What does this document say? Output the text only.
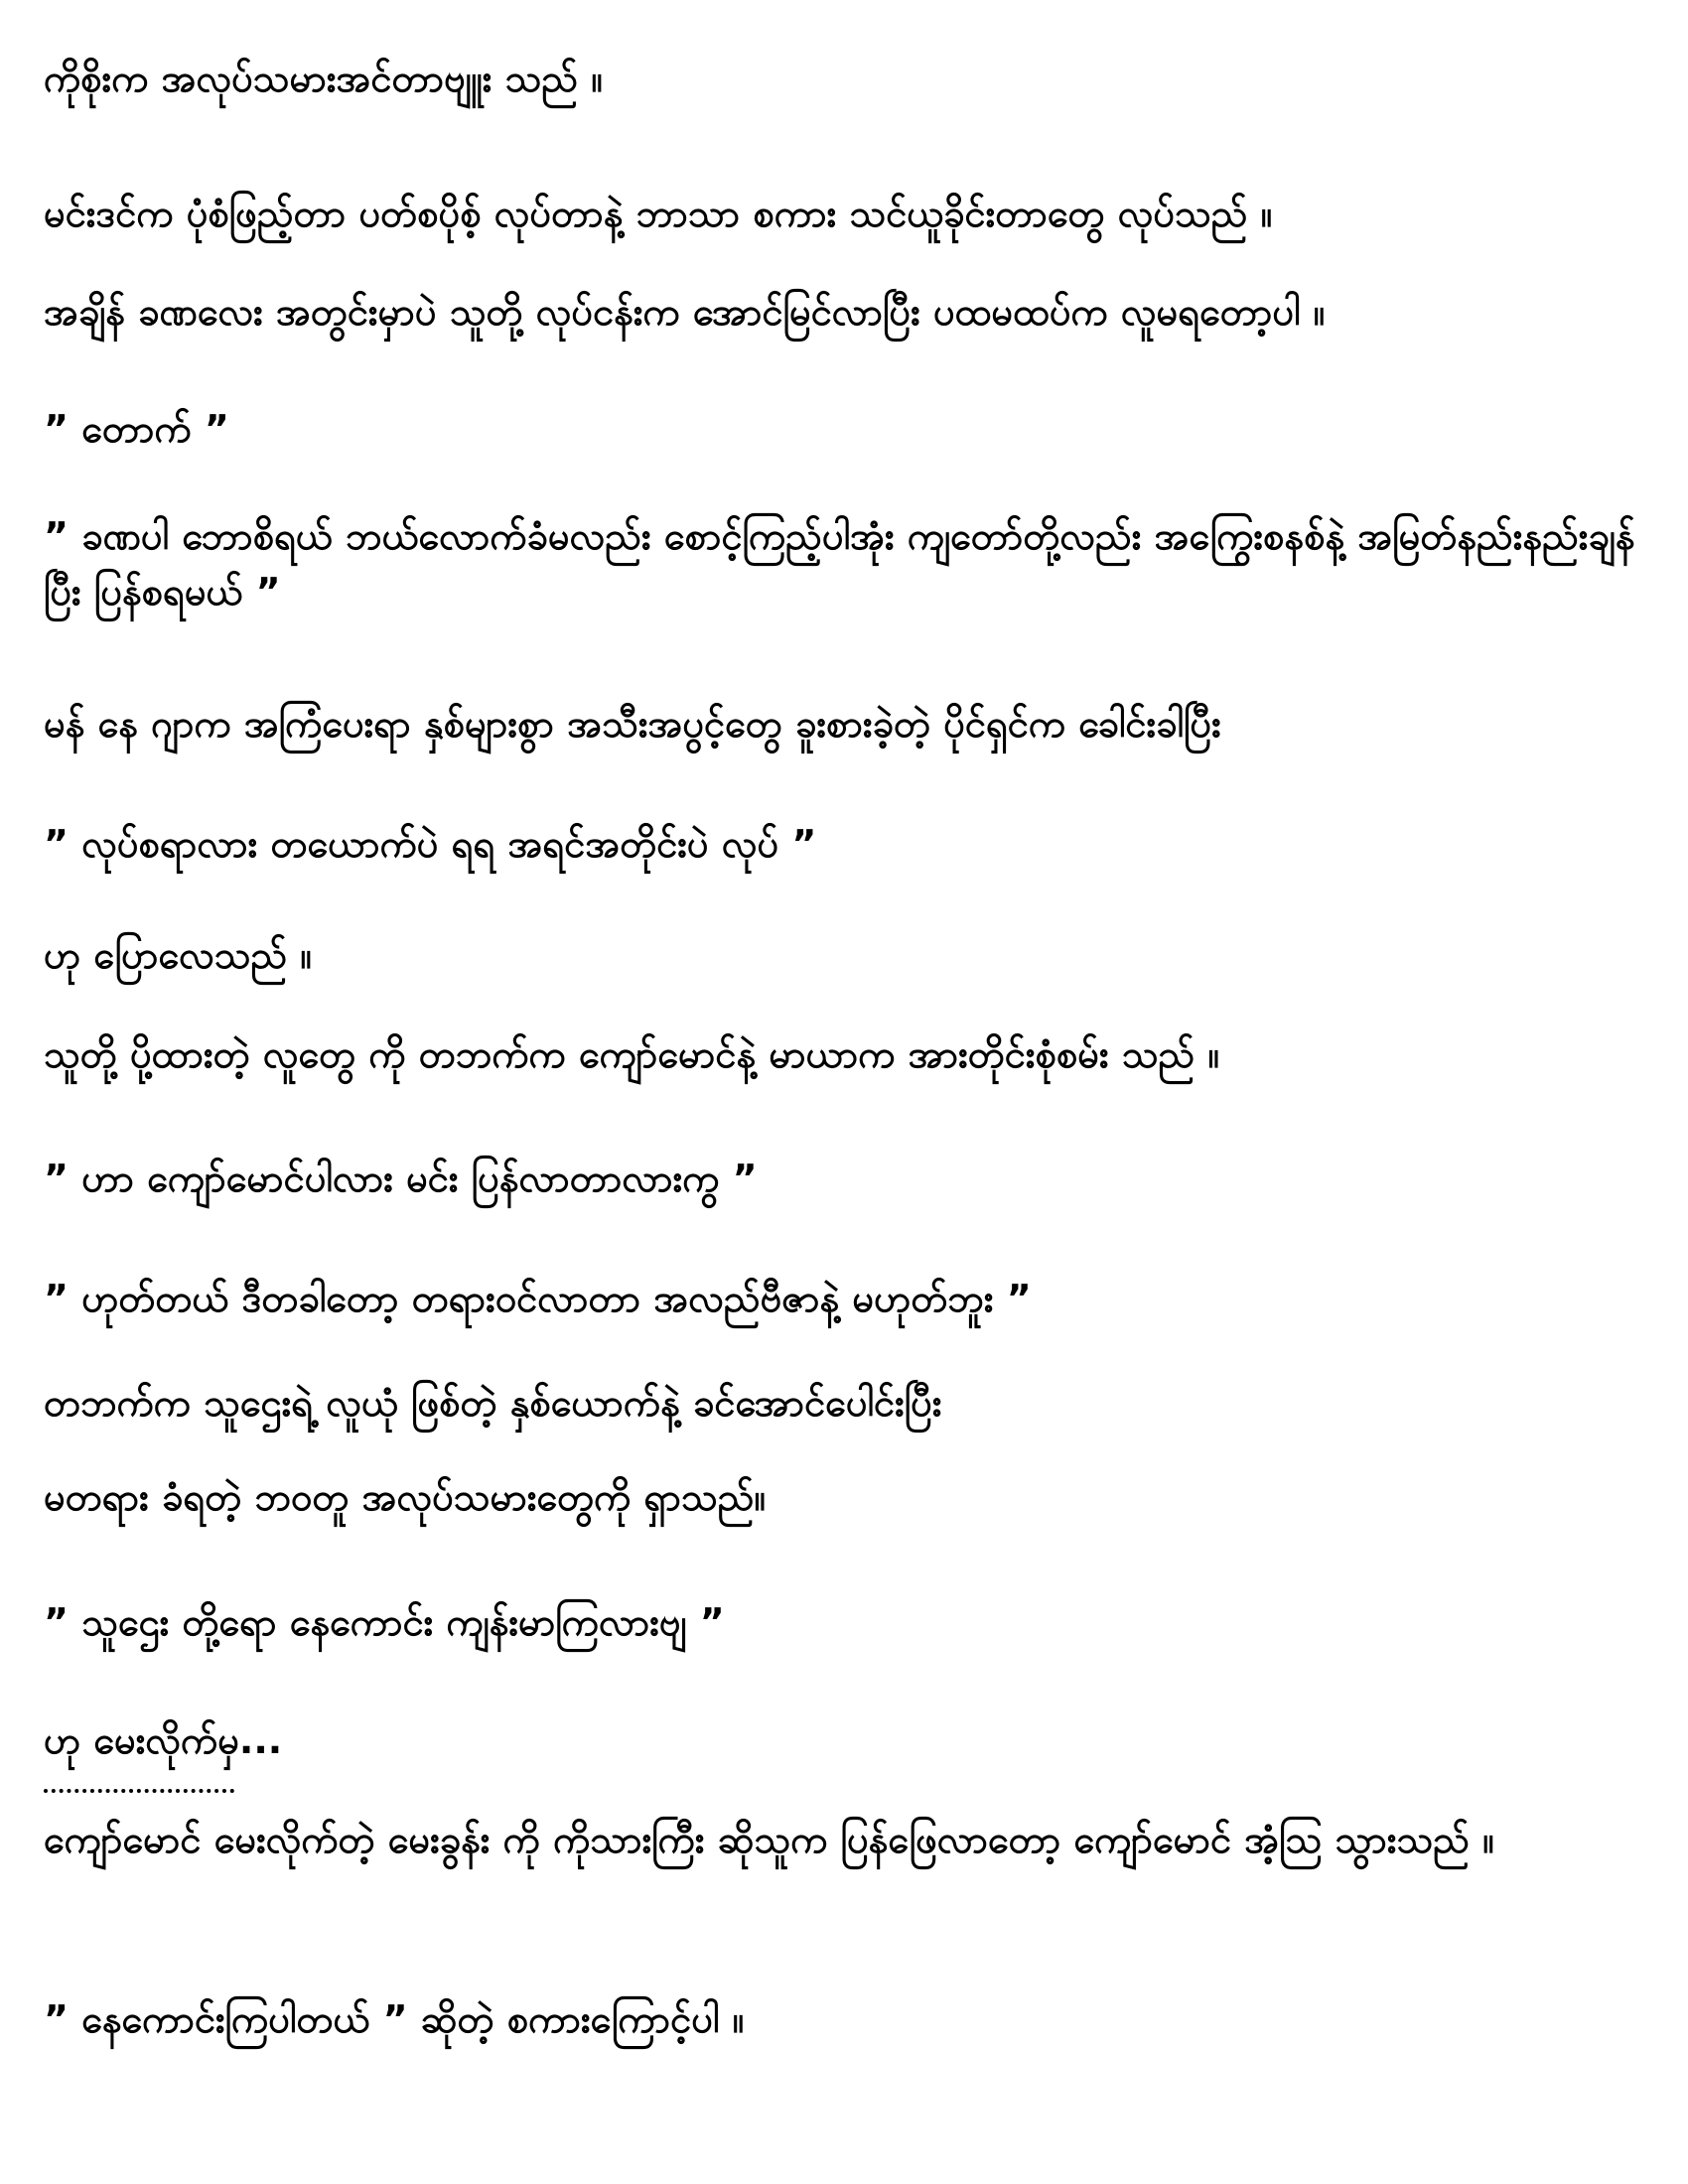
ကိုစိုးက အလုပ်သမားအင်တာဗျူး သည် ။
မင်းဒင်က ပုံစံဖြည့်တာ ပတ်စပိုစ့် လုပ်တာနဲ့ ဘာသာ စကား သင်ယူခိုင်းတာတွေ လုပ်သည် ။
အချိန် ခဏလေး အတွင်းမှာပဲ သူတို့ လုပ်ငန်းက အောင်မြင်လာပြီး ပထမထပ်က လူမရတော့ပါ ။
” တောက် ”
” ခဏပါ ဘောစိရယ် ဘယ်လောက်ခံမလည်း စောင့်ကြည့်ပါအုံး ကျတော်တို့လည်း အကြွေးစနစ်နဲ့ အမြတ်နည်းနည်းချန်ပြီး ပြန်စရမယ် ”
မန် နေ ဂျာက အကြံပေးရာ နှစ်များစွာ အသီးအပွင့်တွေ ခူးစားခဲ့တဲ့ ပိုင်ရှင်က ခေါင်းခါပြီး
” လုပ်စရာလား တယောက်ပဲ ရရ အရင်အတိုင်းပဲ လုပ် ”
ဟု ပြောလေသည် ။
သူတို့ ပို့ထားတဲ့ လူတွေ ကို တဘက်က ကျော်မောင်နဲ့ မာယာက အားတိုင်းစုံစမ်း သည် ။
” ဟာ ကျော်မောင်ပါလား မင်း ပြန်လာတာလားကွ ”
” ဟုတ်တယ် ဒီတခါတော့ တရားဝင်လာတာ အလည်ဗီဇာနဲ့ မဟုတ်ဘူး ”
တဘက်က သူဌေးရဲ့ လူယုံ ဖြစ်တဲ့ နှစ်ယောက်နဲ့ ခင်အောင်ပေါင်းပြီး
မတရား ခံရတဲ့ ဘဝတူ အလုပ်သမားတွေကို ရှာသည်။
” သူဌေး တို့ရော နေကောင်း ကျန်းမာကြလားဗျ ”
ဟု မေးလိုက်မှ...
ကျော်မောင် မေးလိုက်တဲ့ မေးခွန်း ကို ကိုသားကြီး ဆိုသူက ပြန်ဖြေလာတော့ ကျော်မောင် အံ့သြ သွားသည် ။
” နေကောင်းကြပါတယ် ” ဆိုတဲ့ စကားကြောင့်ပါ ။
